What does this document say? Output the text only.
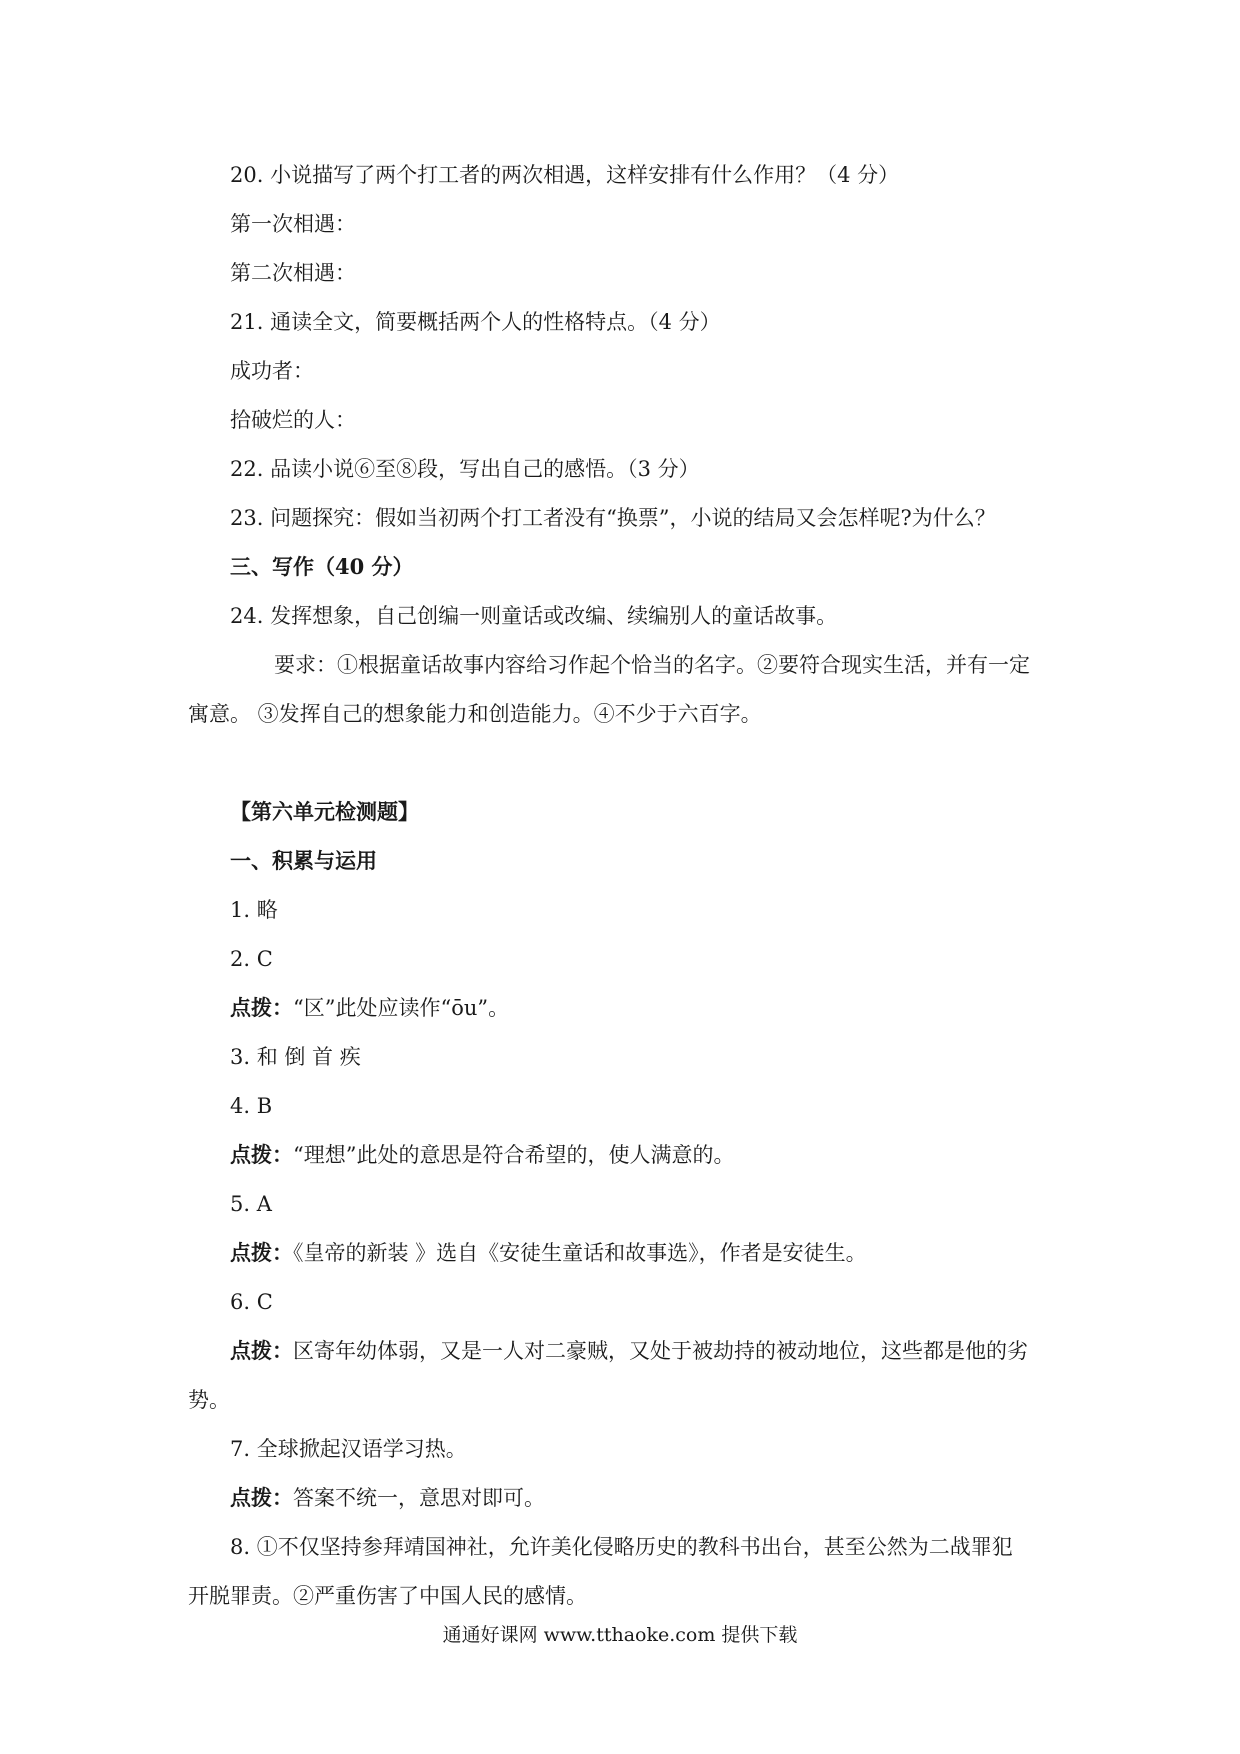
20. 小说描写了两个打工者的两次相遇，这样安排有什么作用？（4 分）
第一次相遇：
第二次相遇：
21. 通读全文，简要概括两个人的性格特点。（4 分）
成功者：
拾破烂的人：
22. 品读小说⑥至⑧段，写出自己的感悟。（3 分）
23. 问题探究：假如当初两个打工者没有“换票”，小说的结局又会怎样呢?为什么？
三、写作（40 分）
24. 发挥想象，自己创编一则童话或改编、续编别人的童话故事。
要求：①根据童话故事内容给习作起个恰当的名字。②要符合现实生活，并有一定
寓意。 ③发挥自己的想象能力和创造能力。④不少于六百字。
【第六单元检测题】
一、积累与运用
1. 略
2. C
点拨：“区”此处应读作“ōu”。
3. 和 倒 首 疾
4. B
点拨：“理想”此处的意思是符合希望的，使人满意的。
5. A
点拨：《皇帝的新装 》选自《安徒生童话和故事选》，作者是安徒生。
6. C
点拨：区寄年幼体弱，又是一人对二豪贼，又处于被劫持的被动地位，这些都是他的劣
势。
7. 全球掀起汉语学习热。
点拨：答案不统一，意思对即可。
8. ①不仅坚持参拜靖国神社，允许美化侵略历史的教科书出台，甚至公然为二战罪犯
开脱罪责。②严重伤害了中国人民的感情。
通通好课网 www.tthaoke.com 提供下载
